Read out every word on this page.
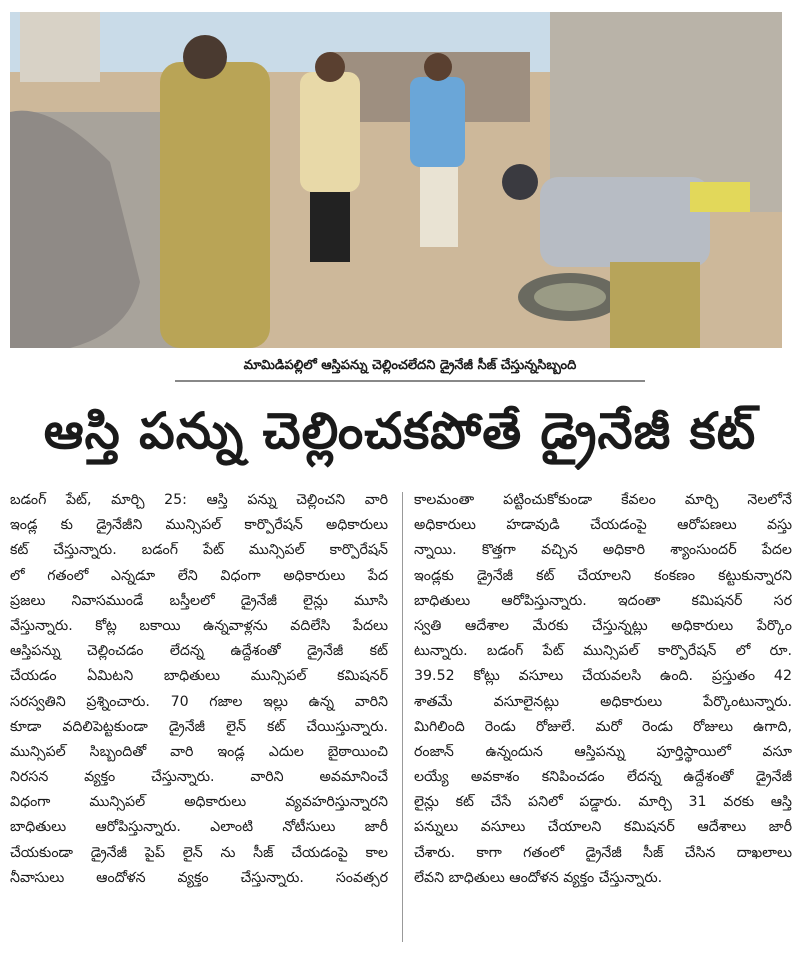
మామిడిపల్లిలో ఆస్తిపన్ను చెల్లించలేదని డ్రైనేజీ సీజ్ చేస్తున్నసిబ్బంది
ఆస్తి పన్ను చెల్లించకపోతే డ్రైనేజీ కట్
బడంగ్ పేట్, మార్చి 25: ఆస్తి పన్ను చెల్లించని వారి
ఇండ్ల కు డ్రైనేజీని మున్సిపల్ కార్పొరేషన్ అధికారులు
కట్ చేస్తున్నారు. బడంగ్ పేట్ మున్సిపల్ కార్పొరేషన్
లో గతంలో ఎన్నడూ లేని విధంగా అధికారులు పేద
ప్రజలు నివాసముండే బస్తీలలో డ్రైనేజీ లైన్లు మూసి
వేస్తున్నారు. కోట్ల బకాయి ఉన్నవాళ్లను వదిలేసి పేదలు
ఆస్తిపన్ను చెల్లించడం లేదన్న ఉద్దేశంతో డ్రైనేజీ కట్
చేయడం ఏమిటని బాధితులు మున్సిపల్ కమిషనర్
సరస్వతిని ప్రశ్నించారు. 70 గజాల ఇల్లు ఉన్న వారిని
కూడా వదిలిపెట్టకుండా డ్రైనేజీ లైన్ కట్ చేయిస్తున్నారు.
మున్సిపల్ సిబ్బందితో వారి ఇండ్ల ఎదుల బైఠాయించి
నిరసన వ్యక్తం చేస్తున్నారు. వారిని అవమానించే
విధంగా మున్సిపల్ అధికారులు వ్యవహరిస్తున్నారని
బాధితులు ఆరోపిస్తున్నారు. ఎలాంటి నోటీసులు జారీ
చేయకుండా డ్రైనేజీ పైప్ లైన్ ను సీజ్ చేయడంపై కాల
నీవాసులు ఆందోళన వ్యక్తం చేస్తున్నారు. సంవత్సర
కాలమంతా పట్టించుకోకుండా కేవలం మార్చి నెలలోనే
అధికారులు హడావుడి చేయడంపై ఆరోపణలు వస్తు
న్నాయి. కొత్తగా వచ్చిన అధికారి శ్యాంసుందర్ పేదల
ఇండ్లకు డ్రైనేజీ కట్ చేయాలని కంకణం కట్టుకున్నారని
బాధితులు ఆరోపిస్తున్నారు. ఇదంతా కమిషనర్ సర
స్వతి ఆదేశాల మేరకు చేస్తున్నట్లు అధికారులు పేర్కొం
టున్నారు. బడంగ్ పేట్ మున్సిపల్ కార్పొరేషన్ లో రూ.
39.52 కోట్లు వసూలు చేయవలసి ఉంది. ప్రస్తుతం 42
శాతమే వసూలైనట్లు అధికారులు పేర్కొంటున్నారు.
మిగిలింది రెండు రోజులే. మరో రెండు రోజులు ఉగాది,
రంజాన్ ఉన్నందున ఆస్తిపన్ను పూర్తిస్థాయిలో వసూ
లయ్యే అవకాశం కనిపించడం లేదన్న ఉద్దేశంతో డ్రైనేజీ
లైన్లు కట్ చేసే పనిలో పడ్డారు. మార్చి 31 వరకు ఆస్తి
పన్నులు వసూలు చేయాలని కమిషనర్ ఆదేశాలు జారీ
చేశారు. కాగా గతంలో డ్రైనేజీ సీజ్ చేసిన దాఖలాలు
లేవని బాధితులు ఆందోళన వ్యక్తం చేస్తున్నారు.
